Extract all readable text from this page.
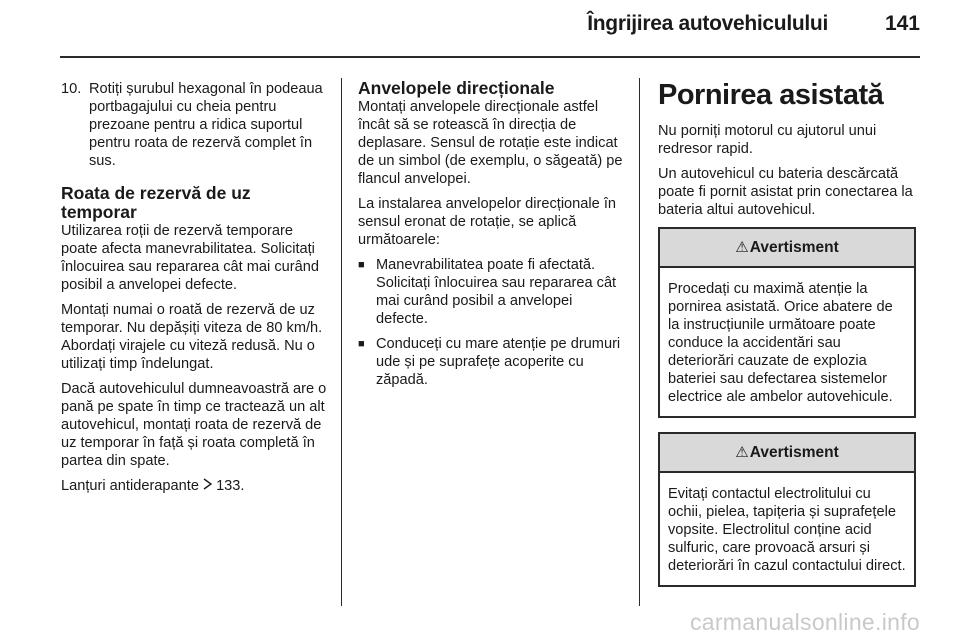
Îngrijirea autovehiculului	141
10. Rotiți șurubul hexagonal în podeaua portbagajului cu cheia pentru prezoane pentru a ridica suportul pentru roata de rezervă complet în sus.
Roata de rezervă de uz temporar

Utilizarea roții de rezervă temporare poate afecta manevrabilitatea. Solicitați înlocuirea sau repararea cât mai curând posibil a anvelopei defecte.

Montați numai o roată de rezervă de uz temporar. Nu depășiți viteza de 80 km/h. Abordați virajele cu viteză redusă. Nu o utilizați timp îndelungat.

Dacă autovehiculul dumneavoastră are o pană pe spate în timp ce tractează un alt autovehicul, montați roata de rezervă de uz temporar în față și roata completă în partea din spate.

Lanțuri antiderapante 133.

Anvelopele direcționale

Montați anvelopele direcționale astfel încât să se rotească în direcția de deplasare. Sensul de rotație este indicat de un simbol (de exemplu, o săgeată) pe flancul anvelopei.

La instalarea anvelopelor direcționale în sensul eronat de rotație, se aplică următoarele:

■ Manevrabilitatea poate fi afectată. Solicitați înlocuirea sau repararea cât mai curând posibil a anvelopei defecte.
■ Conduceți cu mare atenție pe drumuri ude și pe suprafețe acoperite cu zăpadă.
Pornirea asistată

Nu porniți motorul cu ajutorul unui redresor rapid.

Un autovehicul cu bateria descărcată poate fi pornit asistat prin conectarea la bateria altui autovehicul.

⚠ Avertisment
Procedați cu maximă atenție la pornirea asistată. Orice abatere de la instrucțiunile următoare poate conduce la accidentări sau deteriorări cauzate de explozia bateriei sau defectarea sistemelor electrice ale ambelor autovehicule.
⚠ Avertisment
Evitați contactul electrolitului cu ochii, pielea, tapițeria și suprafețele vopsite. Electrolitul conține acid sulfuric, care provoacă arsuri și deteriorări în cazul contactului direct.
carmanualsonline.info
